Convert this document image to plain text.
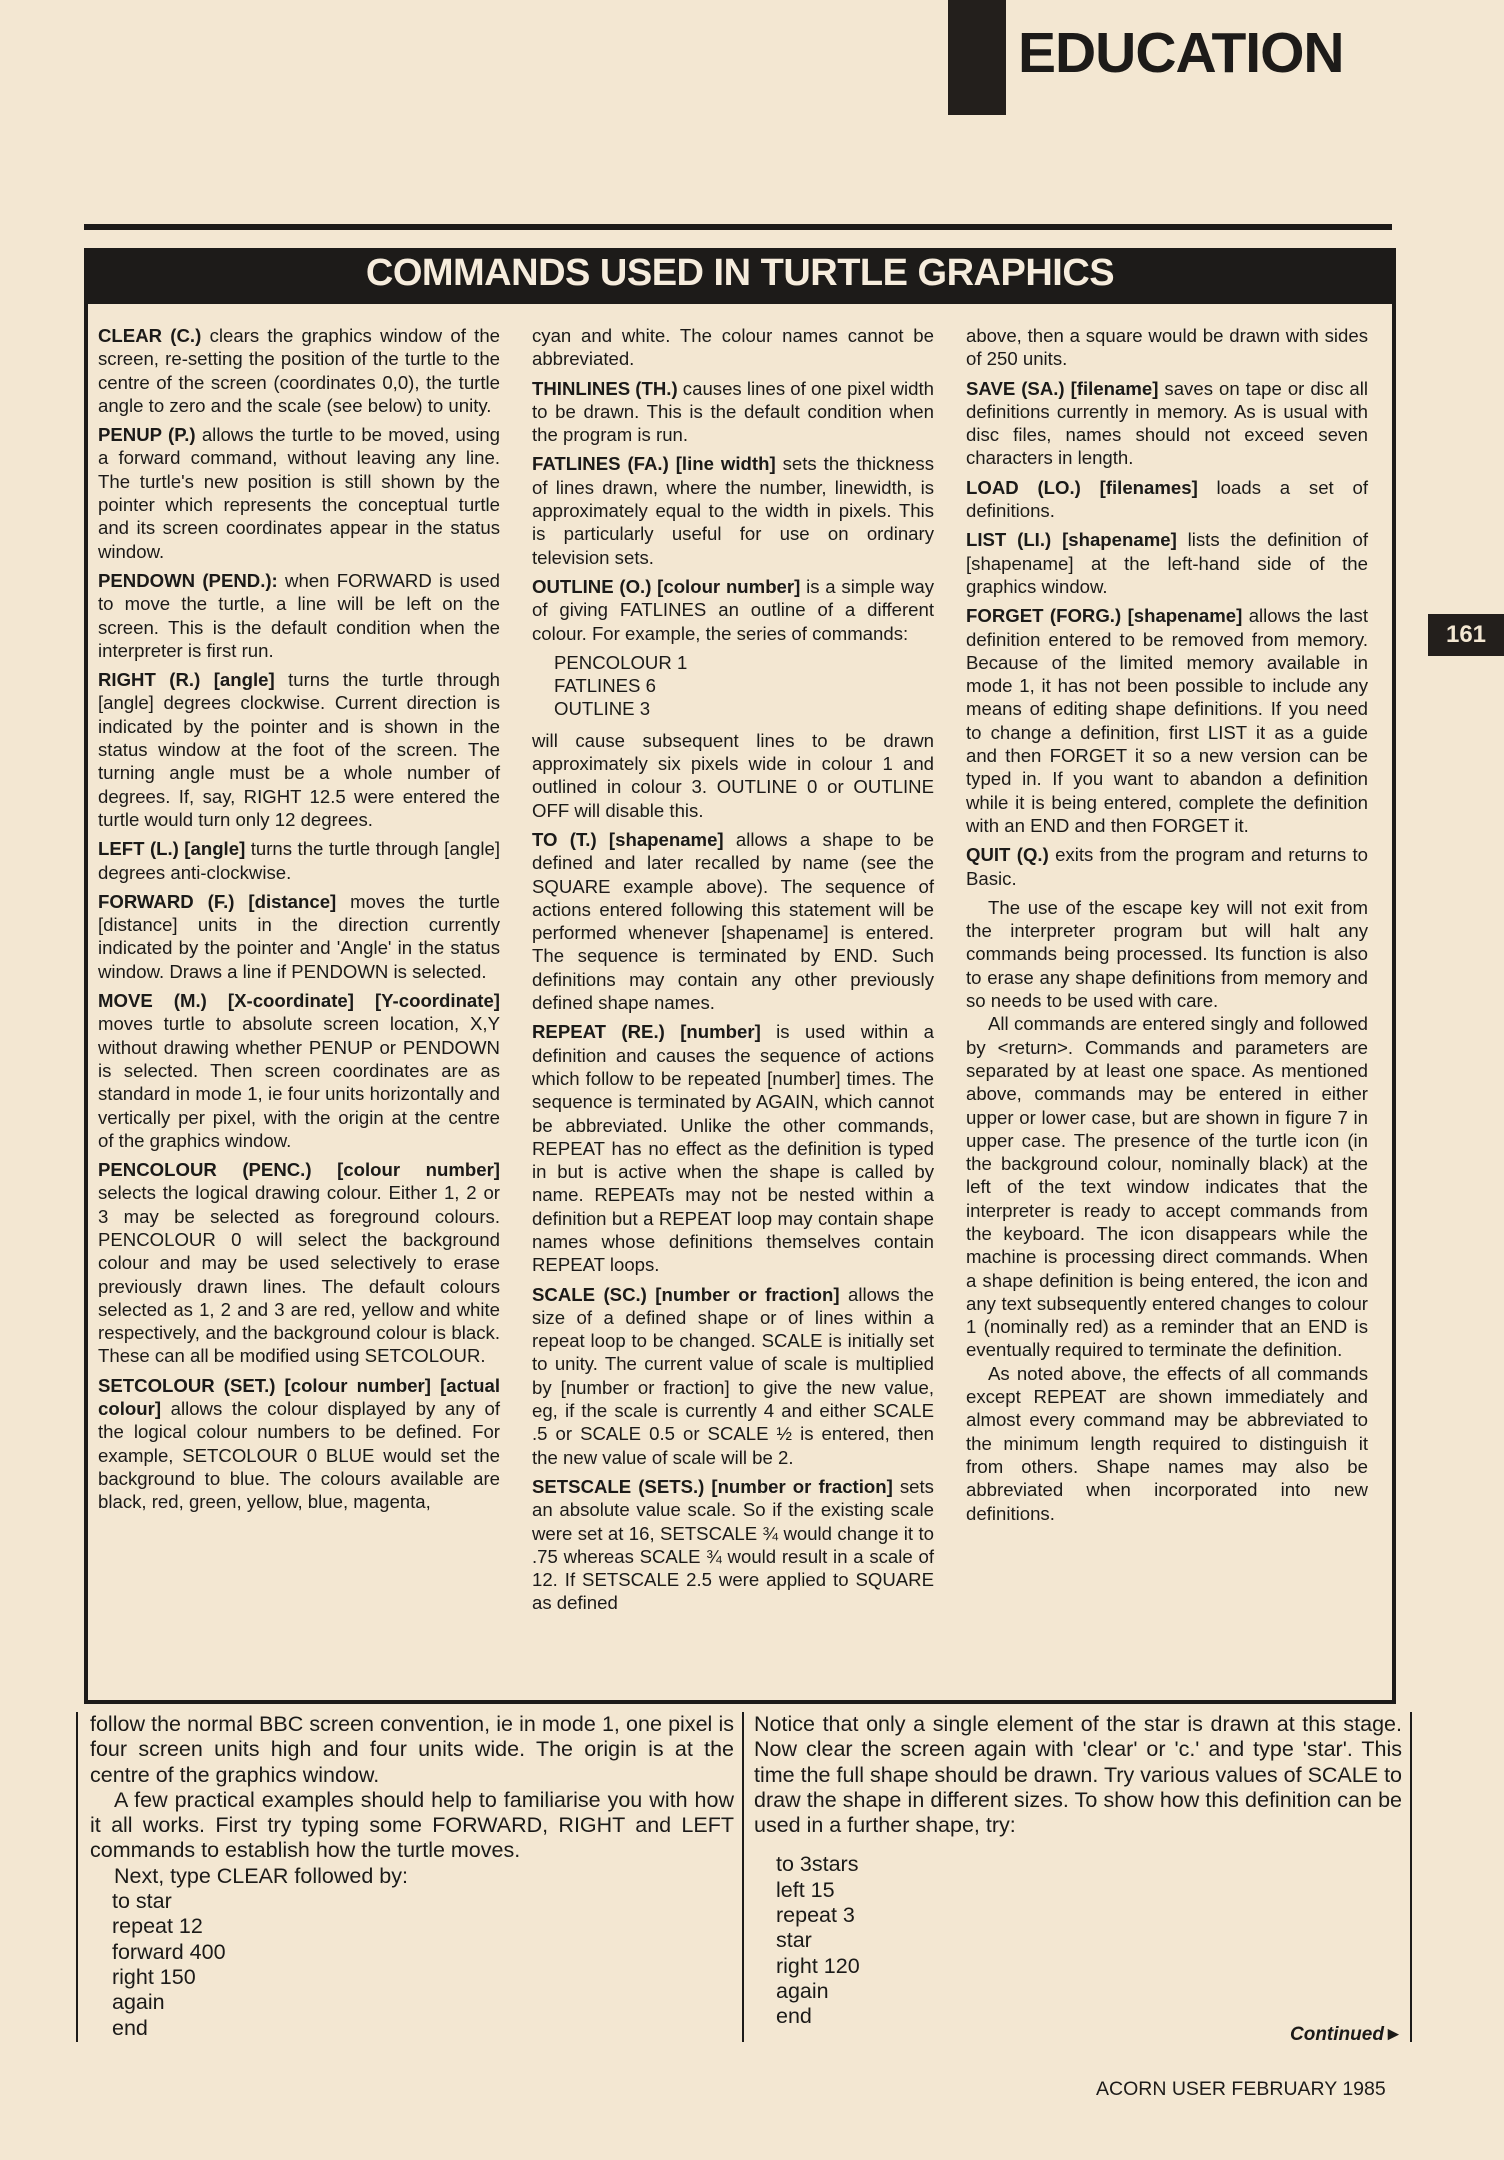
EDUCATION
COMMANDS USED IN TURTLE GRAPHICS

CLEAR (C.) clears the graphics window of the screen, re-setting the position of the turtle to the centre of the screen (coordinates 0,0), the turtle angle to zero and the scale (see below) to unity.

PENUP (P.) allows the turtle to be moved, using a forward command, without leaving any line. The turtle's new position is still shown by the pointer which represents the conceptual turtle and its screen coordinates appear in the status window.

PENDOWN (PEND.): when FORWARD is used to move the turtle, a line will be left on the screen. This is the default condition when the interpreter is first run.

RIGHT (R.) [angle] turns the turtle through [angle] degrees clockwise. Current direction is indicated by the pointer and is shown in the status window at the foot of the screen. The turning angle must be a whole number of degrees. If, say, RIGHT 12.5 were entered the turtle would turn only 12 degrees.

LEFT (L.) [angle] turns the turtle through [angle] degrees anti-clockwise.

FORWARD (F.) [distance] moves the turtle [distance] units in the direction currently indicated by the pointer and 'Angle' in the status window. Draws a line if PENDOWN is selected.

MOVE (M.) [X-coordinate] [Y-coordinate] moves turtle to absolute screen location, X,Y without drawing whether PENUP or PENDOWN is selected. Then screen coordinates are as standard in mode 1, ie four units horizontally and vertically per pixel, with the origin at the centre of the graphics window.

PENCOLOUR (PENC.) [colour number] selects the logical drawing colour. Either 1, 2 or 3 may be selected as foreground colours. PENCOLOUR 0 will select the background colour and may be used selectively to erase previously drawn lines. The default colours selected as 1, 2 and 3 are red, yellow and white respectively, and the background colour is black. These can all be modified using SETCOLOUR.

SETCOLOUR (SET.) [colour number] [actual colour] allows the colour displayed by any of the logical colour numbers to be defined. For example, SETCOLOUR 0 BLUE would set the background to blue. The colours available are black, red, green, yellow, blue, magenta,

cyan and white. The colour names cannot be abbreviated.

THINLINES (TH.) causes lines of one pixel width to be drawn. This is the default condition when the program is run.

FATLINES (FA.) [line width] sets the thickness of lines drawn, where the number, linewidth, is approximately equal to the width in pixels. This is particularly useful for use on ordinary television sets.

OUTLINE (O.) [colour number] is a simple way of giving FATLINES an outline of a different colour. For example, the series of commands:

PENCOLOUR 1
FATLINES 6
OUTLINE 3

will cause subsequent lines to be drawn approximately six pixels wide in colour 1 and outlined in colour 3. OUTLINE 0 or OUTLINE OFF will disable this.

TO (T.) [shapename] allows a shape to be defined and later recalled by name (see the SQUARE example above). The sequence of actions entered following this statement will be performed whenever [shapename] is entered. The sequence is terminated by END. Such definitions may contain any other previously defined shape names.

REPEAT (RE.) [number] is used within a definition and causes the sequence of actions which follow to be repeated [number] times. The sequence is terminated by AGAIN, which cannot be abbreviated. Unlike the other commands, REPEAT has no effect as the definition is typed in but is active when the shape is called by name. REPEATs may not be nested within a definition but a REPEAT loop may contain shape names whose definitions themselves contain REPEAT loops.

SCALE (SC.) [number or fraction] allows the size of a defined shape or of lines within a repeat loop to be changed. SCALE is initially set to unity. The current value of scale is multiplied by [number or fraction] to give the new value, eg, if the scale is currently 4 and either SCALE .5 or SCALE 0.5 or SCALE ½ is entered, then the new value of scale will be 2.

SETSCALE (SETS.) [number or fraction] sets an absolute value scale. So if the existing scale were set at 16, SETSCALE ¾ would change it to .75 whereas SCALE ¾ would result in a scale of 12. If SETSCALE 2.5 were applied to SQUARE as defined

above, then a square would be drawn with sides of 250 units.

SAVE (SA.) [filename] saves on tape or disc all definitions currently in memory. As is usual with disc files, names should not exceed seven characters in length.

LOAD (LO.) [filenames] loads a set of definitions.

LIST (LI.) [shapename] lists the definition of [shapename] at the left-hand side of the graphics window.

FORGET (FORG.) [shapename] allows the last definition entered to be removed from memory. Because of the limited memory available in mode 1, it has not been possible to include any means of editing shape definitions. If you need to change a definition, first LIST it as a guide and then FORGET it so a new version can be typed in. If you want to abandon a definition while it is being entered, complete the definition with an END and then FORGET it.

QUIT (Q.) exits from the program and returns to Basic.

The use of the escape key will not exit from the interpreter program but will halt any commands being processed. Its function is also to erase any shape definitions from memory and so needs to be used with care.

All commands are entered singly and followed by <return>. Commands and parameters are separated by at least one space. As mentioned above, commands may be entered in either upper or lower case, but are shown in figure 7 in upper case. The presence of the turtle icon (in the background colour, nominally black) at the left of the text window indicates that the interpreter is ready to accept commands from the keyboard. The icon disappears while the machine is processing direct commands. When a shape definition is being entered, the icon and any text subsequently entered changes to colour 1 (nominally red) as a reminder that an END is eventually required to terminate the definition.

As noted above, the effects of all commands except REPEAT are shown immediately and almost every command may be abbreviated to the minimum length required to distinguish it from others. Shape names may also be abbreviated when incorporated into new definitions.

161

follow the normal BBC screen convention, ie in mode 1, one pixel is four screen units high and four units wide. The origin is at the centre of the graphics window.

A few practical examples should help to familiarise you with how it all works. First try typing some FORWARD, RIGHT and LEFT commands to establish how the turtle moves.

Next, type CLEAR followed by:

to star
repeat 12
forward 400
right 150
again
end

Notice that only a single element of the star is drawn at this stage. Now clear the screen again with 'clear' or 'c.' and type 'star'. This time the full shape should be drawn. Try various values of SCALE to draw the shape in different sizes. To show how this definition can be used in a further shape, try:

to 3stars
left 15
repeat 3
star
right 120
again
end
Continued►
ACORN USER FEBRUARY 1985
